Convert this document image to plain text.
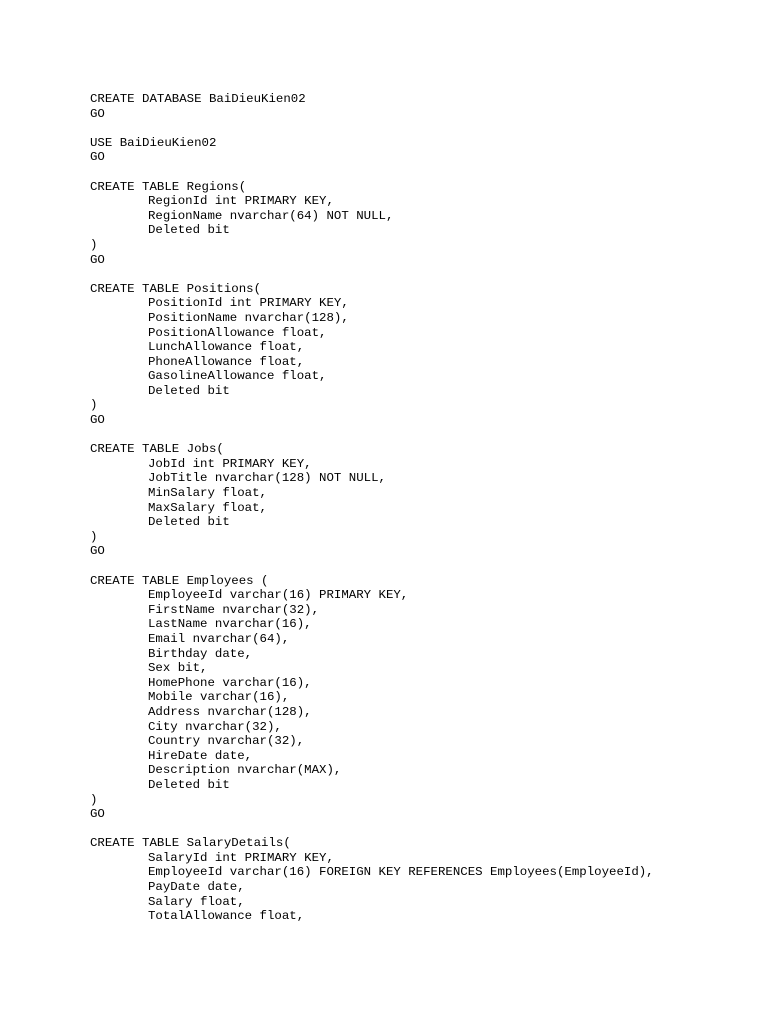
CREATE DATABASE BaiDieuKien02
GO
USE BaiDieuKien02
GO
CREATE TABLE Regions(
RegionId int PRIMARY KEY,
RegionName nvarchar(64) NOT NULL,
Deleted bit
)
GO
CREATE TABLE Positions(
PositionId int PRIMARY KEY,
PositionName nvarchar(128),
PositionAllowance float,
LunchAllowance float,
PhoneAllowance float,
GasolineAllowance float,
Deleted bit
)
GO
CREATE TABLE Jobs(
JobId int PRIMARY KEY,
JobTitle nvarchar(128) NOT NULL,
MinSalary float,
MaxSalary float,
Deleted bit
)
GO
CREATE TABLE Employees (
EmployeeId varchar(16) PRIMARY KEY,
FirstName nvarchar(32),
LastName nvarchar(16),
Email nvarchar(64),
Birthday date,
Sex bit,
HomePhone varchar(16),
Mobile varchar(16),
Address nvarchar(128),
City nvarchar(32),
Country nvarchar(32),
HireDate date,
Description nvarchar(MAX),
Deleted bit
)
GO
CREATE TABLE SalaryDetails(
SalaryId int PRIMARY KEY,
EmployeeId varchar(16) FOREIGN KEY REFERENCES Employees(EmployeeId),
PayDate date,
Salary float,
TotalAllowance float,
